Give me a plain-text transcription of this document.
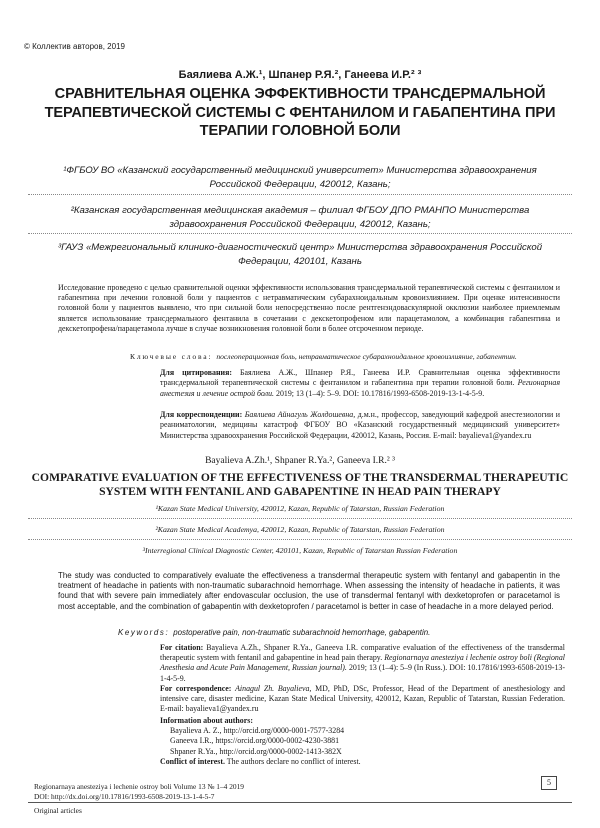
© Коллектив авторов, 2019
Баялиева А.Ж.¹, Шпанер Р.Я.², Ганеева И.Р.² ³
СРАВНИТЕЛЬНАЯ ОЦЕНКА ЭФФЕКТИВНОСТИ ТРАНСДЕРМАЛЬНОЙ ТЕРАПЕВТИЧЕСКОЙ СИСТЕМЫ С ФЕНТАНИЛОМ И ГАБАПЕНТИНА ПРИ ТЕРАПИИ ГОЛОВНОЙ БОЛИ
¹ФГБОУ ВО «Казанский государственный медицинский университет» Министерства здравоохранения Российской Федерации, 420012, Казань;
²Казанская государственная медицинская академия – филиал ФГБОУ ДПО РМАНПО Министерства здравоохранения Российской Федерации, 420012, Казань;
³ГАУЗ «Межрегиональный клинико-диагностический центр» Министерства здравоохранения Российской Федерации, 420101, Казань
Исследование проведено с целью сравнительной оценки эффективности использования трансдермальной терапевтической системы с фентанилом и габапентина при лечении головной боли у пациентов с нетравматическим субарахноидальным кровоизлиянием. При оценке интенсивности головной боли у пациентов выявлено, что при сильной боли непосредственно после рентгенэндоваскулярной окклюзии наиболее приемлемым является использование трансдермального фентанила в сочетании с декскетопрофеном или парацетамолом, а комбинация габапентина и декскетопрофена/парацетамола лучше в случае возникновения головной боли в более отсроченном периоде.
Ключевые слова: послеоперационная боль, нетравматическое субарахноидальное кровоизлияние, габапентин.
Для цитирования: Баялиева А.Ж., Шпанер Р.Я., Ганеева И.Р. Сравнительная оценка эффективности трансдермальной терапевтической системы с фентанилом и габапентина при терапии головной боли. Регионарная анестезия и лечение острой боли. 2019; 13 (1–4): 5–9. DOI: 10.17816/1993-6508-2019-13-1-4-5-9.
Для корреспонденции: Баялиева Айнагуль Жолдошевна, д.м.н., профессор, заведующий кафедрой анестезиологии и реаниматологии, медицины катастроф ФГБОУ ВО «Казанский государственный медицинский университет» Министерства здравоохранения Российской Федерации, 420012, Казань, Россия. E-mail: bayalieva1@yandex.ru
Bayalieva A.Zh.¹, Shpaner R.Ya.², Ganeeva I.R.² ³
COMPARATIVE EVALUATION OF THE EFFECTIVENESS OF THE TRANSDERMAL THERAPEUTIC SYSTEM WITH FENTANIL AND GABAPENTINE IN HEAD PAIN THERAPY
¹Kazan State Medical University, 420012, Kazan, Republic of Tatarstan, Russian Federation
²Kazan State Medical Academya, 420012, Kazan, Republic of Tatarstan, Russian Federation
³Interregional Clinical Diagnostic Center, 420101, Kazan, Republic of Tatarstan Russian Federation
The study was conducted to comparatively evaluate the effectiveness a transdermal therapeutic system with fentanyl and gabapentin in the treatment of headache in patients with non-traumatic subarachnoid hemorrhage. When assessing the intensity of headache in patients, it was found that with severe pain immediately after endovascular occlusion, the use of transdermal fentanyl with dexketoprofen or paracetamol is most acceptable, and the combination of gabapentin with dexketoprofen / paracetamol is better in case of headache in a more delayed period.
Keywords: postoperative pain, non-traumatic subarachnoid hemorrhage, gabapentin.
For citation: Bayalieva A.Zh., Shpaner R.Ya., Ganeeva I.R. comparative evaluation of the effectiveness of the transdermal therapeutic system with fentanil and gabapentine in head pain therapy. Regionarnaya anesteziya i lechenie ostroy boli (Regional Anesthesia and Acute Pain Management, Russian journal). 2019; 13 (1–4): 5–9 (In Russ.). DOI: 10.17816/1993-6508-2019-13-1-4-5-9.
For correspondence: Ainagul Zh. Bayalieva, MD, PhD, DSc, Professor, Head of the Department of anesthesiology and intensive care, disaster medicine, Kazan State Medical University, 420012, Kazan, Republic of Tatarstan, Russian Federation. E-mail: bayalieva1@yandex.ru
Information about authors:
Bayalieva A. Z., http://orcid.org/0000-0001-7577-3284
Ganeeva I.R., https://orcid.org/0000-0002-4230-3881
Shpaner R.Ya., http://orcid.org/0000-0002-1413-382X
Conflict of interest. The authors declare no conflict of interest.
5
Regionarnaya anesteziya i lechenie ostroy boli Volume 13 № 1–4 2019
DOI: http://dx.doi.org/10.17816/1993-6508-2019-13-1-4-5-7
Original articles
